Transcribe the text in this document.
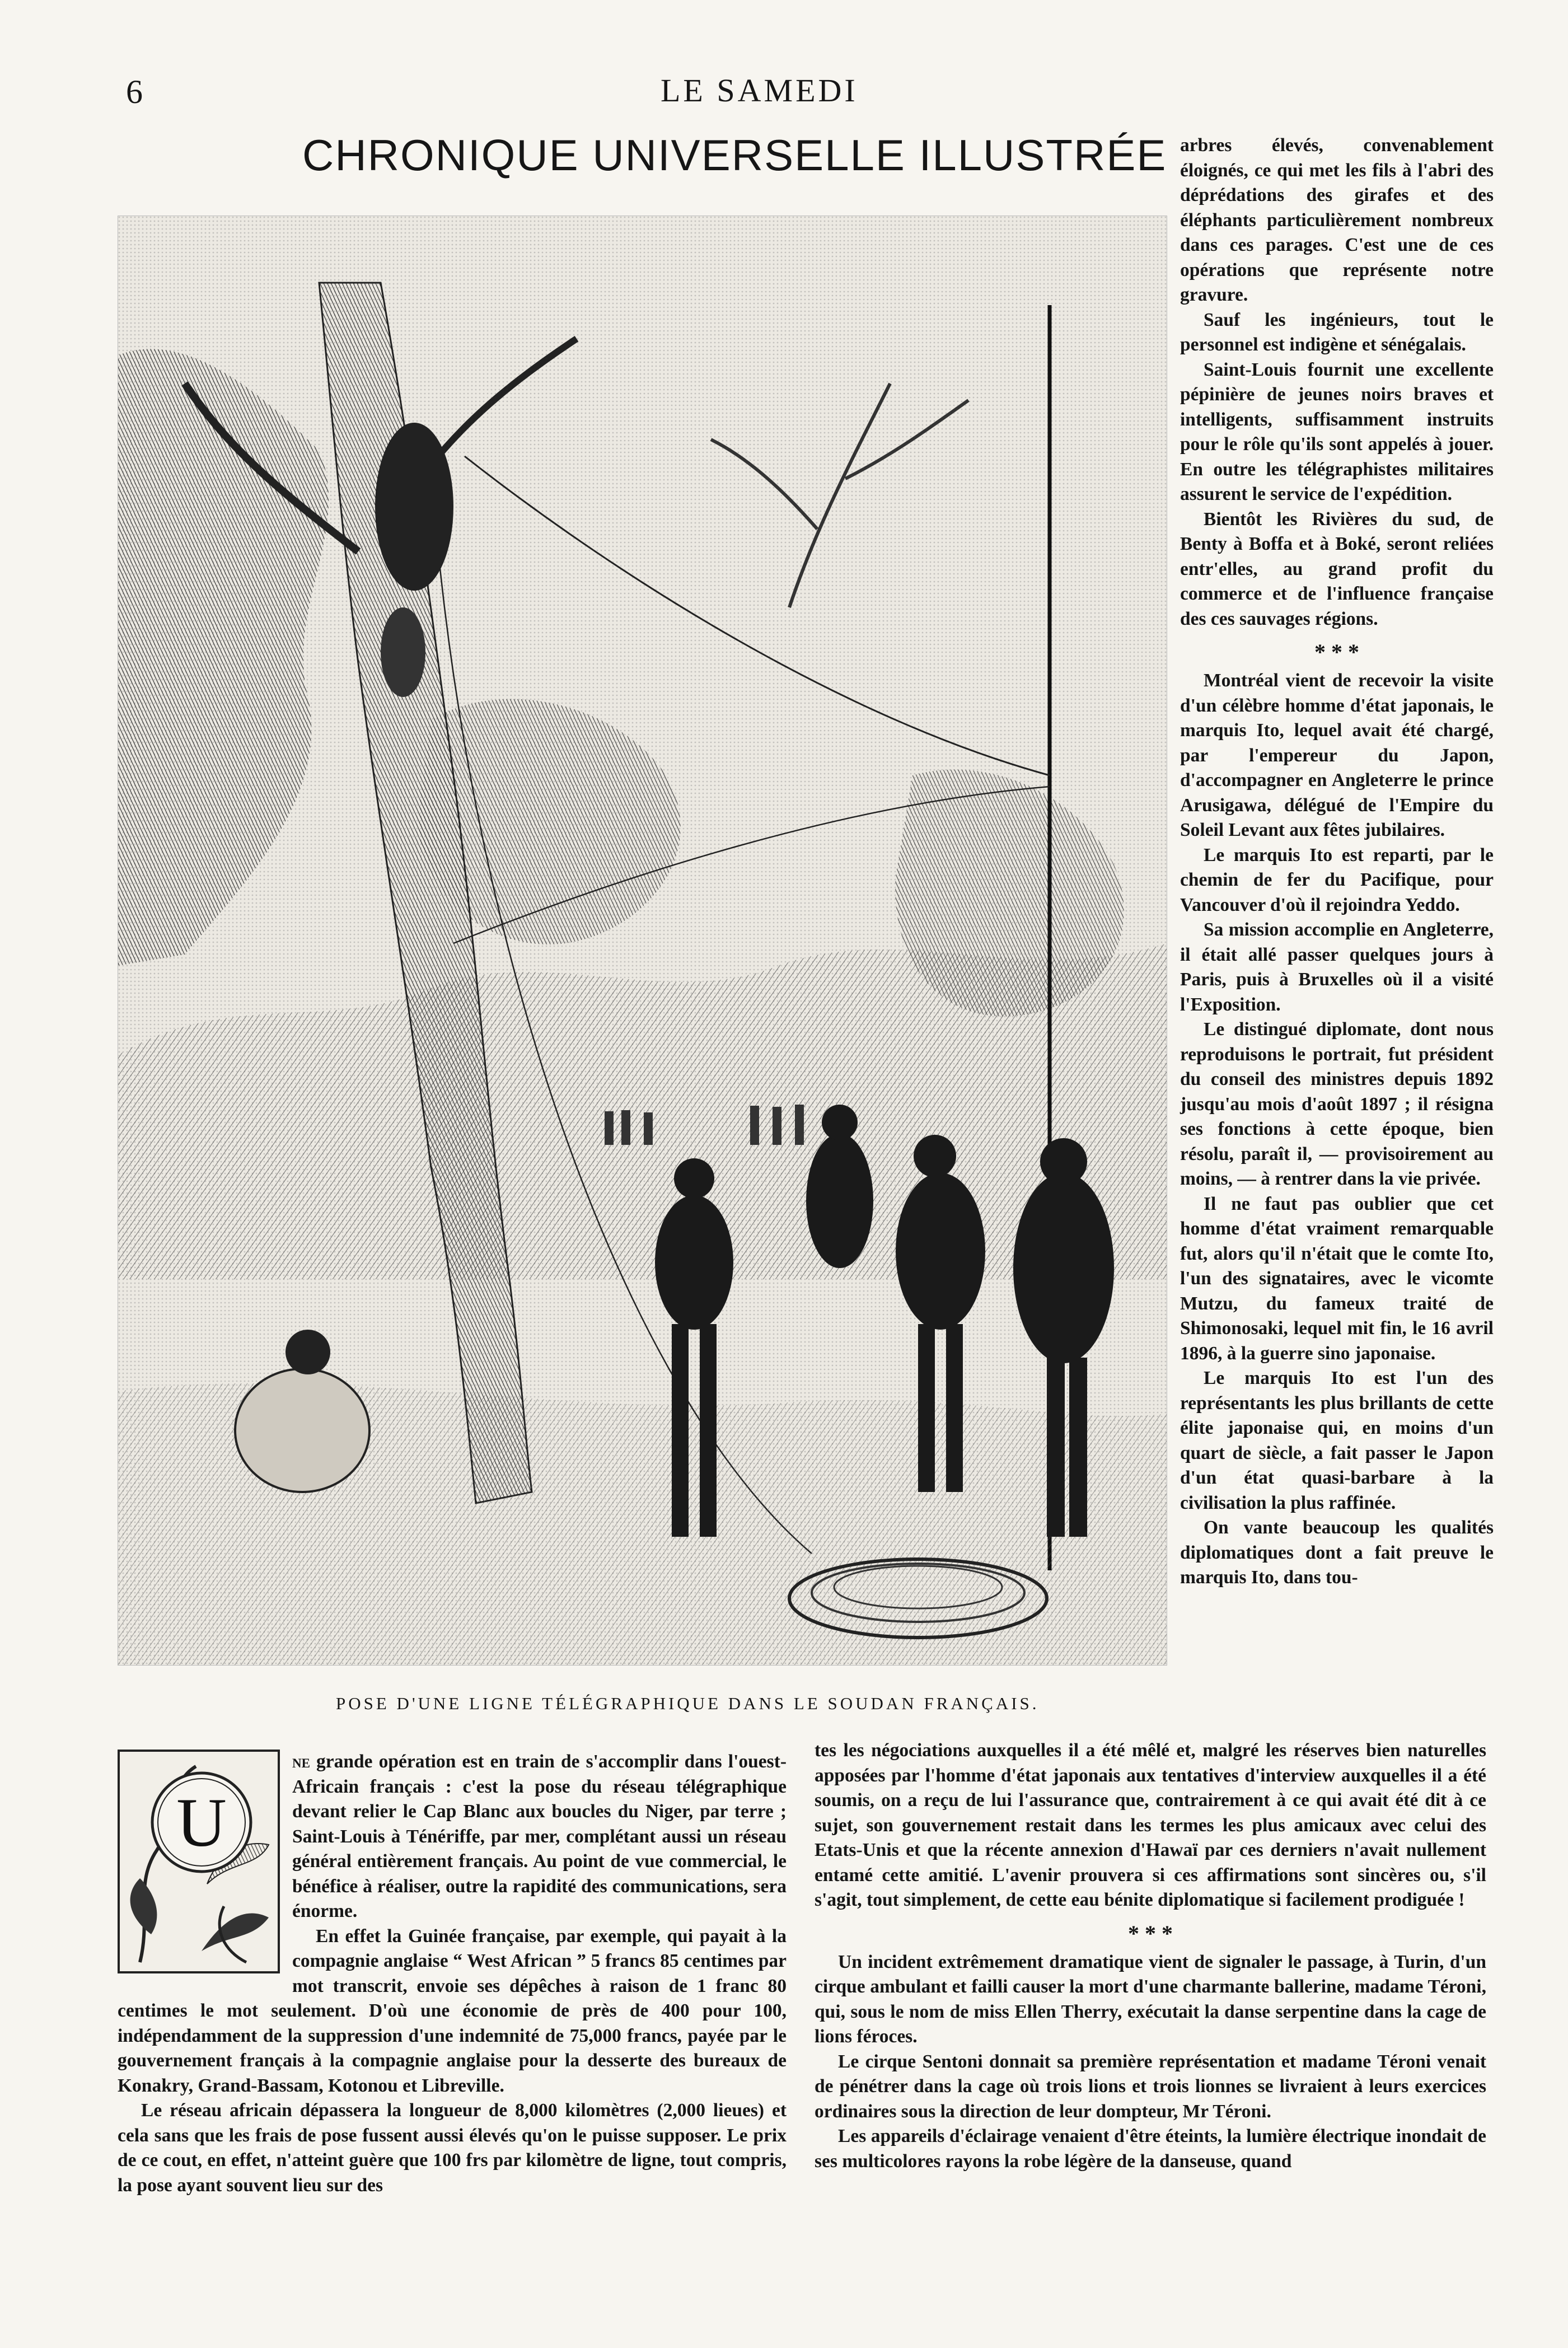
6	LE SAMEDI
CHRONIQUE UNIVERSELLE ILLUSTRÉE
POSE D'UNE LIGNE TÉLÉGRAPHIQUE DANS LE SOUDAN FRANÇAIS.

arbres élevés, convenablement éloignés, ce qui met les fils à l'abri des déprédations des girafes et des éléphants particulièrement nombreux dans ces parages. C'est une de ces opérations que représente notre gravure.

Sauf les ingénieurs, tout le personnel est indigène et sénégalais.

Saint-Louis fournit une excellente pépinière de jeunes noirs braves et intelligents, suffisamment instruits pour le rôle qu'ils sont appelés à jouer. En outre les télégraphistes militaires assurent le service de l'expédition.

Bientôt les Rivières du sud, de Benty à Boffa et à Boké, seront reliées entr'elles, au grand profit du commerce et de l'influence française des ces sauvages régions.

* * *

Montréal vient de recevoir la visite d'un célèbre homme d'état japonais, le marquis Ito, lequel avait été chargé, par l'empereur du Japon, d'accompagner en Angleterre le prince Arusigawa, délégué de l'Empire du Soleil Levant aux fêtes jubilaires.

Le marquis Ito est reparti, par le chemin de fer du Pacifique, pour Vancouver d'où il rejoindra Yeddo.

Sa mission accomplie en Angleterre, il était allé passer quelques jours à Paris, puis à Bruxelles où il a visité l'Exposition.

Le distingué diplomate, dont nous reproduisons le portrait, fut président du conseil des ministres depuis 1892 jusqu'au mois d'août 1897 ; il résigna ses fonctions à cette époque, bien résolu, paraît il, — provisoirement au moins, — à rentrer dans la vie privée.

Il ne faut pas oublier que cet homme d'état vraiment remarquable fut, alors qu'il n'était que le comte Ito, l'un des signataires, avec le vicomte Mutzu, du fameux traité de Shimonosaki, lequel mit fin, le 16 avril 1896, à la guerre sino japonaise.

Le marquis Ito est l'un des représentants les plus brillants de cette élite japonaise qui, en moins d'un quart de siècle, a fait passer le Japon d'un état quasi-barbare à la civilisation la plus raffinée.

On vante beaucoup les qualités diplomatiques dont a fait preuve le marquis Ito, dans tou-

U

ne grande opération est en train de s'accomplir dans l'ouest-Africain français : c'est la pose du réseau télégraphique devant relier le Cap Blanc aux boucles du Niger, par terre ; Saint-Louis à Ténériffe, par mer, complétant aussi un réseau général entièrement français. Au point de vue commercial, le bénéfice à réaliser, outre la rapidité des communications, sera énorme.

En effet la Guinée française, par exemple, qui payait à la compagnie anglaise “ West African ” 5 francs 85 centimes par mot transcrit, envoie ses dépêches à raison de 1 franc 80 centimes le mot seulement. D'où une économie de près de 400 pour 100, indépendamment de la suppression d'une indemnité de 75,000 francs, payée par le gouvernement français à la compagnie anglaise pour la desserte des bureaux de Konakry, Grand-Bassam, Kotonou et Libreville.

Le réseau africain dépassera la longueur de 8,000 kilomètres (2,000 lieues) et cela sans que les frais de pose fussent aussi élevés qu'on le puisse supposer. Le prix de ce cout, en effet, n'atteint guère que 100 frs par kilomètre de ligne, tout compris, la pose ayant souvent lieu sur des

tes les négociations auxquelles il a été mêlé et, malgré les réserves bien naturelles apposées par l'homme d'état japonais aux tentatives d'interview auxquelles il a été soumis, on a reçu de lui l'assurance que, contrairement à ce qui avait été dit à ce sujet, son gouvernement restait dans les termes les plus amicaux avec celui des Etats-Unis et que la récente annexion d'Hawaï par ces derniers n'avait nullement entamé cette amitié. L'avenir prouvera si ces affirmations sont sincères ou, s'il s'agit, tout simplement, de cette eau bénite diplomatique si facilement prodiguée !

* * *

Un incident extrêmement dramatique vient de signaler le passage, à Turin, d'un cirque ambulant et failli causer la mort d'une charmante ballerine, madame Téroni, qui, sous le nom de miss Ellen Therry, exécutait la danse serpentine dans la cage de lions féroces.

Le cirque Sentoni donnait sa première représentation et madame Téroni venait de pénétrer dans la cage où trois lions et trois lionnes se livraient à leurs exercices ordinaires sous la direction de leur dompteur, Mr Téroni.

Les appareils d'éclairage venaient d'être éteints, la lumière électrique inondait de ses multicolores rayons la robe légère de la danseuse, quand
